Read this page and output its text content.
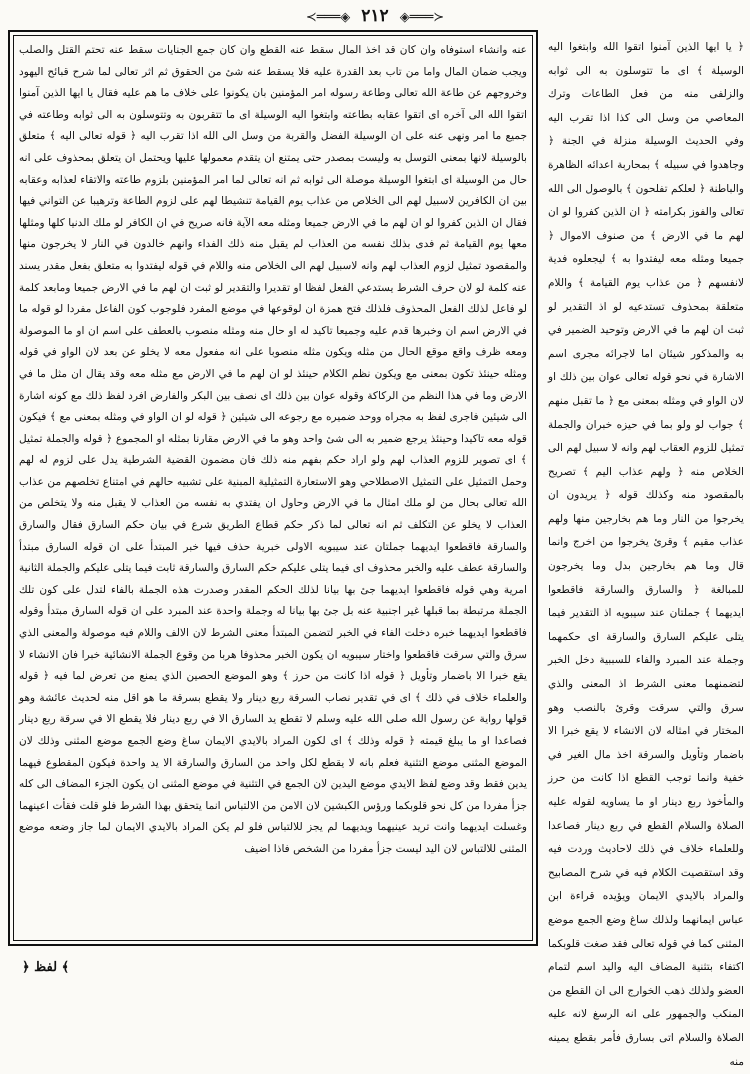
≺═══◈ ٢١٢ ◈═══≻

عنه وانشاء استوفاه وان كان قد اخذ المال سقط عنه القطع وان كان جمع الجنايات سقط عنه تحتم القتل والصلب ويجب ضمان المال واما من تاب بعد القدرة عليه فلا يسقط عنه شئ من الحقوق ثم اثر تعالى لما شرح قبائح اليهود وخروجهم عن طاعة الله تعالى وطاعة رسوله امر المؤمنين بان يكونوا على خلاف ما هم عليه فقال يا ايها الذين آمنوا اتقوا الله الى آخره اى اتقوا عقابه بطاعته وابتغوا اليه الوسيلة اى ما تتقربون به وتتوسلون به الى ثوابه وطاعته في جميع ما امر ونهى عنه على ان الوسيلة الفضل والقربة من وسل الى الله اذا تقرب اليه ﴿ قوله تعالى اليه ﴾ متعلق بالوسيلة لانها بمعنى التوسل به وليست بمصدر حتى يمتنع ان يتقدم معمولها عليها ويحتمل ان يتعلق بمحذوف على انه حال من الوسيلة اى ابتغوا الوسيلة موصلة الى ثوابه ثم انه تعالى لما امر المؤمنين بلزوم طاعته والاتقاء لعذابه وعقابه بين ان الكافرين لاسبيل لهم الى الخلاص من عذاب يوم القيامة تنشيطا لهم على لزوم الطاعة وترهيبا عن التواني فيها فقال ان الذين كفروا لو ان لهم ما في الارض جميعا ومثله معه الآية فانه صريح في ان الكافر لو ملك الدنيا كلها ومثلها معها يوم القيامة ثم فدى بذلك نفسه من العذاب لم يقبل منه ذلك الفداء وانهم خالدون في النار لا يخرجون منها والمقصود تمثيل لزوم العذاب لهم وانه لاسبيل لهم الى الخلاص منه واللام في قوله ليفتدوا به متعلق بفعل مقدر يسند عنه كلمة لو لان حرف الشرط يستدعي الفعل لفظا او تقديرا والتقدير لو ثبت ان لهم ما في الارض جميعا ومابعد كلمة لو فاعل لذلك الفعل المحذوف فلذلك فتح همزة ان لوقوعها في موضع المفرد فلوجوب كون الفاعل مفردا لو قوله ما في الارض اسم ان وخبرها قدم عليه وجميعا تاكيد له او حال منه ومثله منصوب بالعطف على اسم ان او ما الموصولة ومعه ظرف واقع موقع الحال من مثله ويكون مثله منصوبا على انه مفعول معه لا يخلو عن بعد لان الواو في قوله ومثله حينئذ تكون بمعنى مع ويكون نظم الكلام حينئذ لو ان لهم ما في الارض مع مثله معه وقد يقال ان مثل ما في الارض وما في هذا النظم من الركاكة وقوله عوان بين ذلك اى نصف بين البكر والفارض افرد لفظ ذلك مع كونه اشارة الى شيئين فاجرى لفظ به مجراه ووحد ضميره مع رجوعه الى شيئين ﴿ قوله لو ان الواو في ومثله بمعنى مع ﴾ فيكون قوله معه تاكيدا وحينئذ يرجع ضمير به الى شئ واحد وهو ما في الارض مقارنا بمثله او المجموع ﴿ قوله والجملة تمثيل ﴾ اى تصوير للزوم العذاب لهم ولو اراد حكم بفهم منه ذلك فان مضمون القضية الشرطية يدل على لزوم له لهم وحمل التمثيل على التمثيل الاصطلاحي وهو الاستعارة التمثيلية المبنية على تشبيه حالهم في امتناع تخلصهم من عذاب الله تعالى بحال من لو ملك امثال ما في الارض وحاول ان يفتدي به نفسه من العذاب لا يقبل منه ولا يتخلص من العذاب لا يخلو عن التكلف ثم انه تعالى لما ذكر حكم قطاع الطريق شرع في بيان حكم السارق فقال والسارق والسارقة فاقطعوا ايديهما جملتان عند سيبويه الاولى خبرية حذف فيها خبر المبتدأ على ان قوله السارق مبتدأ والسارقة عطف عليه والخبر محذوف اى فيما يتلى عليكم حكم السارق والسارقة ثابت فيما يتلى عليكم والجملة الثانية امرية وهي قوله فاقطعوا ايديهما جئ بها بيانا لذلك الحكم المقدر وصدرت هذه الجملة بالفاء لتدل على كون تلك الجملة مرتبطة بما قبلها غير اجنبية عنه بل جئ بها بيانا له وجملة واحدة عند المبرد على ان قوله السارق مبتدأ وقوله فاقطعوا ايديهما خبره دخلت الفاء في الخبر لتضمن المبتدأ معنى الشرط لان الالف واللام فيه موصولة والمعنى الذي سرق والتي سرقت فاقطعوا واختار سيبويه ان يكون الخبر محذوفا هربا من وقوع الجملة الانشائية خبرا فان الانشاء لا يقع خبرا الا باضمار وتأويل ﴿ قوله اذا كانت من حرز ﴾ وهو الموضع الحصين الذي يمنع من تعرض لما فيه ﴿ قوله والعلماء خلاف في ذلك ﴾ اى في تقدير نصاب السرقة ربع دينار ولا يقطع بسرقة ما هو اقل منه لحديث عائشة وهو قولها رواية عن رسول الله صلى الله عليه وسلم لا تقطع يد السارق الا في ربع دينار فلا يقطع الا في سرقة ربع دينار فصاعدا او ما يبلغ قيمته ﴿ قوله وذلك ﴾ اى لكون المراد بالايدي الايمان ساغ وضع الجمع موضع المثنى وذلك لان الموضع المثنى موضع التثنية فعلم بانه لا يقطع لكل واحد من السارق والسارقة الا يد واحدة فيكون المقطوع فيهما يدين فقط وقد وضع لفظ الايدي موضع اليدين لان الجمع في التثنية في موضع المثنى ان يكون الجزء المضاف الى كله جزأ مفردا من كل نحو قلوبكما ورؤس الكبشين لان الامن من الالتباس انما يتحقق بهذا الشرط فلو قلت فقأت اعينهما وغسلت ايديهما وانت تريد عينيهما ويديهما لم يجز للالتباس فلو لم يكن المراد بالايدي الايمان لما جاز وضعه موضع المثنى للالتباس لان اليد ليست جزأ مفردا من الشخص فاذا اضيف

﴿ يا ايها الذين آمنوا اتقوا الله وابتغوا اليه الوسيلة ﴾ اى ما تتوسلون به الى ثوابه والزلفى منه من فعل الطاعات وترك المعاصي من وسل الى كذا اذا تقرب اليه وفي الحديث الوسيلة منزلة في الجنة ﴿ وجاهدوا في سبيله ﴾ بمحاربة اعدائه الظاهرة والباطنة ﴿ لعلكم تفلحون ﴾ بالوصول الى الله تعالى والفوز بكرامته ﴿ ان الذين كفروا لو ان لهم ما في الارض ﴾ من صنوف الاموال ﴿ جميعا ومثله معه ليفتدوا به ﴾ ليجعلوه فدية لانفسهم ﴿ من عذاب يوم القيامة ﴾ واللام متعلقة بمحذوف تستدعيه لو اذ التقدير لو ثبت ان لهم ما في الارض وتوحيد الضمير في به والمذكور شيئان اما لاجرائه مجرى اسم الاشارة في نحو قوله تعالى عوان بين ذلك او لان الواو في ومثله بمعنى مع ﴿ ما تقبل منهم ﴾ جواب لو ولو بما في حيزه خبران والجملة تمثيل للزوم العقاب لهم وانه لا سبيل لهم الى الخلاص منه ﴿ ولهم عذاب اليم ﴾ تصريح بالمقصود منه وكذلك قوله ﴿ يريدون ان يخرجوا من النار وما هم بخارجين منها ولهم عذاب مقيم ﴾ وقرئ يخرجوا من اخرج وانما قال وما هم بخارجين بدل وما يخرجون للمبالغة ﴿ والسارق والسارقة فاقطعوا ايديهما ﴾ جملتان عند سيبويه اذ التقدير فيما يتلى عليكم السارق والسارقة اى حكمهما وجملة عند المبرد والفاء للسببية دخل الخبر لتضمنهما معنى الشرط اذ المعنى والذي سرق والتي سرقت وقرئ بالنصب وهو المختار في امثاله لان الانشاء لا يقع خبرا الا باضمار وتأويل والسرقة اخذ مال الغير في خفية وانما توجب القطع اذا كانت من حرز والمأخوذ ربع دينار او ما يساويه لقوله عليه الصلاة والسلام القطع في ربع دينار فصاعدا وللعلماء خلاف في ذلك لاحاديث وردت فيه وقد استقصيت الكلام فيه في شرح المصابيح والمراد بالايدي الايمان ويؤيده قراءة ابن عباس ايمانهما ولذلك ساغ وضع الجمع موضع المثنى كما في قوله تعالى فقد صغت قلوبكما اكتفاء بتثنية المضاف اليه واليد اسم لتمام العضو ولذلك ذهب الخوارج الى ان القطع من المنكب والجمهور على انه الرسغ لانه عليه الصلاة والسلام اتى بسارق فأمر بقطع يمينه منه

﴿ لفظ ﴾
